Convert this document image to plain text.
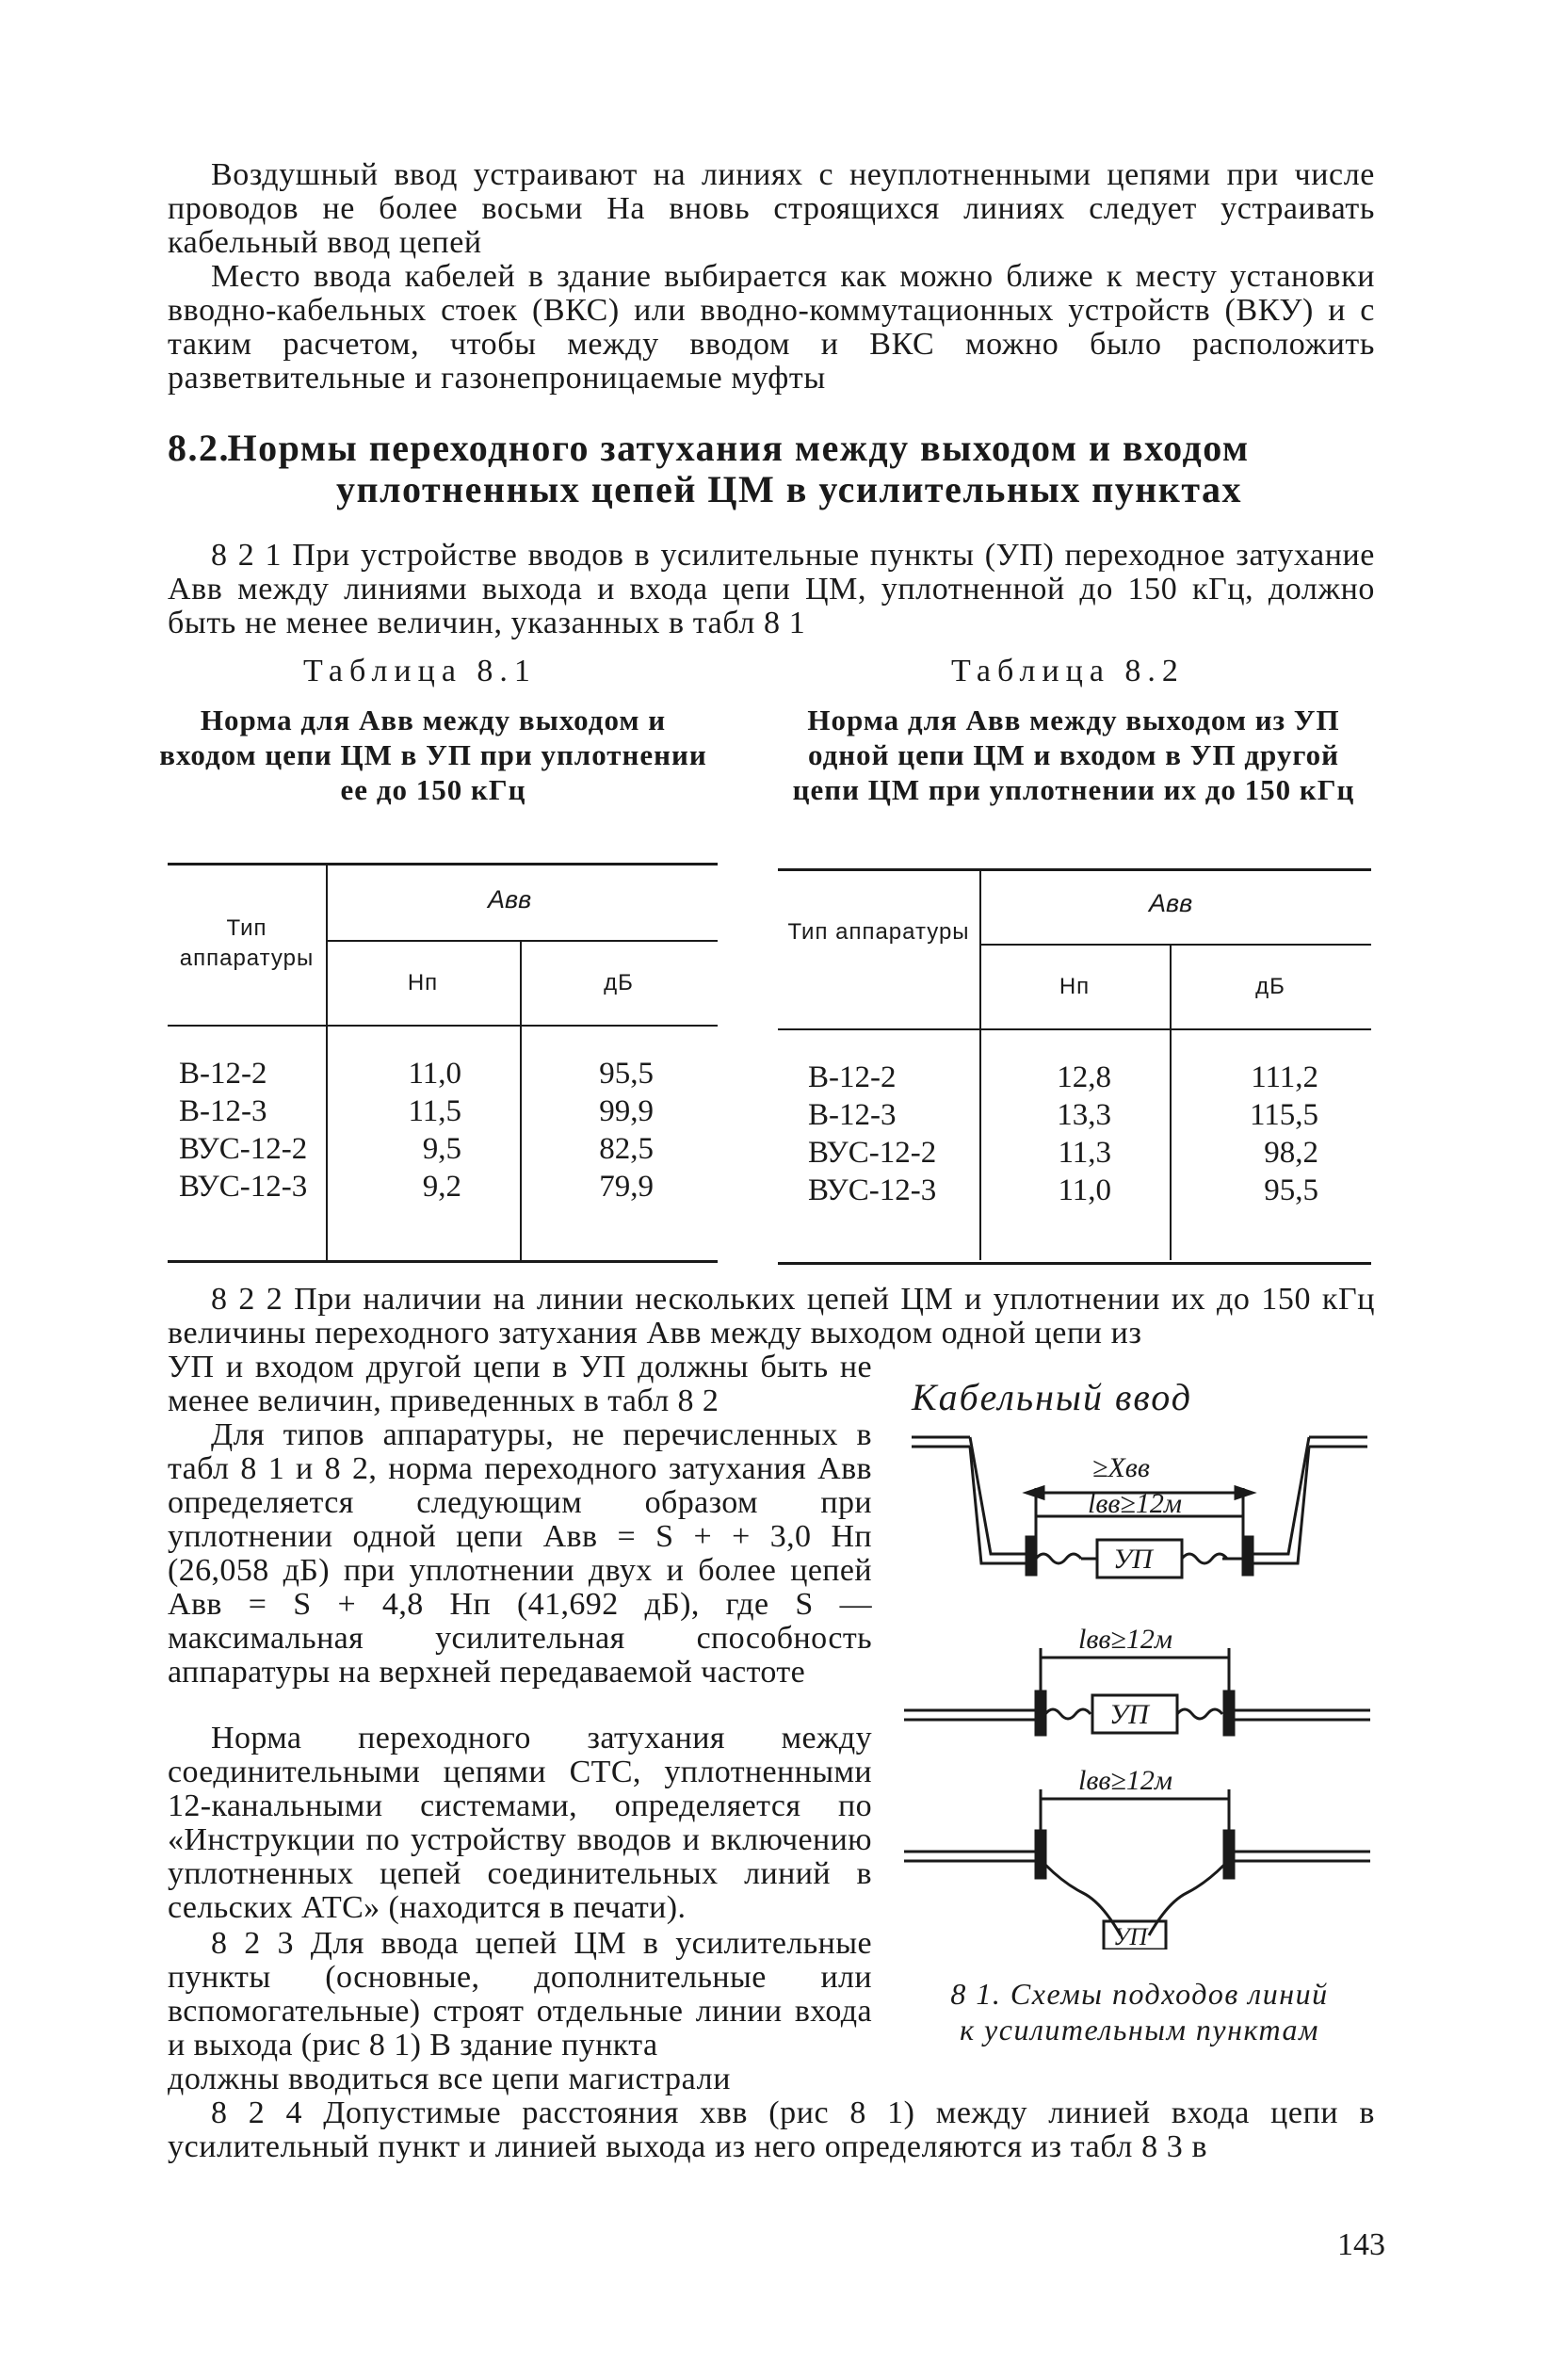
Воздушный ввод устраивают на линиях с неуплотненными цепями при числе проводов не более восьми На вновь строящихся линиях следует устраивать кабельный ввод цепей
Место ввода кабелей в здание выбирается как можно ближе к месту установки вводно-кабельных стоек (ВКС) или вводно-коммутационных устройств (ВКУ) и с таким расчетом, чтобы между вводом и ВКС можно было расположить разветвительные и газонепроницаемые муфты
8.2. Нормы переходного затухания между выходом и входом
уплотненных цепей ЦМ в усилительных пунктах
8 2 1 При устройстве вводов в усилительные пункты (УП) переходное затухание Aвв между линиями выхода и входа цепи ЦМ, уплотненной до 150 кГц, должно быть не менее величин, указанных в табл 8 1
Таблица 8.1
Норма для Aвв между выходом и входом цепи ЦМ в УП при уплотнении ее до 150 кГц
Тип аппаратуры
Aвв
Нп	дБ
В-12-2
В-12-3
ВУС-12-2
ВУС-12-3
11,0
11,5
9,5
9,2
95,5
99,9
82,5
79,9
Таблица 8.2
Норма для Aвв между выходом из УП одной цепи ЦМ и входом в УП другой цепи ЦМ при уплотнении их до 150 кГц
Тип аппаратуры
Aвв
Нп	дБ
В-12-2
В-12-3
ВУС-12-2
ВУС-12-3
12,8
13,3
11,3
11,0
111,2
115,5
98,2
95,5
8 2 2 При наличии на линии нескольких цепей ЦМ и уплотнении их до 150 кГц величины переходного затухания Aвв между выходом одной цепи из
УП и входом другой цепи в УП должны быть не менее величин, приведенных в табл 8 2
Для типов аппаратуры, не перечисленных в табл 8 1 и 8 2, норма переходного затухания Aвв определяется следующим образом при уплотнении одной цепи Aвв = S + + 3,0 Нп (26,058 дБ) при уплотнении двух и более цепей Aвв = S + 4,8 Нп (41,692 дБ), где S — максимальная усилительная способность аппаратуры на верхней передаваемой частоте
Норма переходного затухания между соединительными цепями СТС, уплотненными 12-канальными системами, определяется по «Инструкции по устройству вводов и включению уплотненных цепей соединительных линий в сельских АТС» (находится в печати).
8 2 3 Для ввода цепей ЦМ в усилительные пункты (основные, дополнительные или вспомогательные) строят отдельные линии входа и выхода (рис 8 1) В здание пункта
должны вводиться все цепи магистрали
8 2 4 Допустимые расстояния xвв (рис 8 1) между линией входа цепи в усилительный пункт и линией выхода из него определяются из табл 8 3 в
Кабельный ввод
≥Xвв
lвв≥12м
УП
lвв≥12м
УП
lвв≥12м
УП
8 1. Схемы подходов линий
к усилительным пунктам
143
